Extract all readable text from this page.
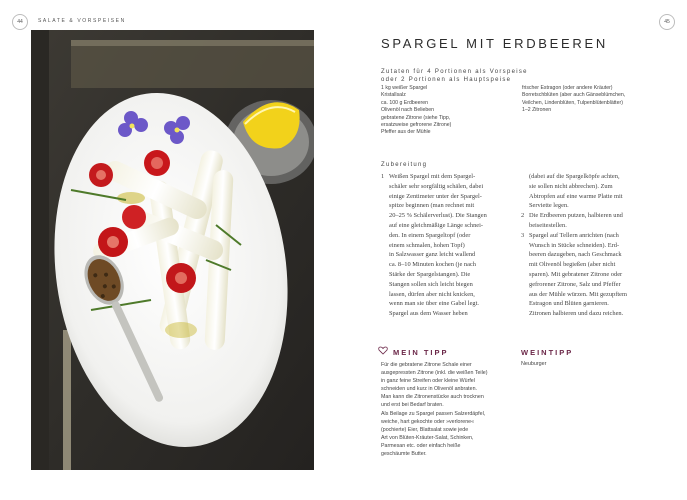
44	SALATE & VORSPEISEN	45
SPARGEL MIT ERDBEEREN
Zutaten für 4 Portionen als Vorspeise
oder 2 Portionen als Hauptspeise
1 kg weißer Spargel
Kristallsalz
ca. 100 g Erdbeeren
Olivenöl nach Belieben
gebratene Zitrone (siehe Tipp,
ersatzweise gefrorene Zitrone)
Pfeffer aus der Mühle
frischer Estragon (oder andere Kräuter)
Borretschblüten (aber auch Gänseblümchen,
Veilchen, Lindenblüten, Tulpenblütenblätter)
1–2 Zitronen
Zubereitung
1 Weißen Spargel mit dem Spargel-
schäler sehr sorgfältig schälen, dabei
einige Zentimeter unter der Spargel-
spitze beginnen (man rechnet mit
20–25 % Schälerverlust). Die Stangen
auf eine gleichmäßige Länge schnei-
den. In einem Spargeltopf (oder
einem schmalen, hohen Topf)
in Salzwasser ganz leicht wallend
ca. 8–10 Minuten kochen (je nach
Stärke der Spargelstangen). Die
Stangen sollen sich leicht biegen
lassen, dürfen aber nicht knicken,
wenn man sie über eine Gabel legt.
Spargel aus dem Wasser heben
(dabei auf die Spargelköpfe achten,
sie sollen nicht abbrechen). Zum
Abtropfen auf eine warme Platte mit
Serviette legen.
2 Die Erdbeeren putzen, halbieren und
beiseitestellen.
3 Spargel auf Tellern anrichten (nach
Wunsch in Stücke schneiden). Erd-
beeren dazugeben, nach Geschmack
mit Olivenöl begießen (aber nicht
sparen). Mit gebratener Zitrone oder
gefrorener Zitrone, Salz und Pfeffer
aus der Mühle würzen. Mit gezupftem
Estragon und Blüten garnieren.
Zitronen halbieren und dazu reichen.
MEIN TIPP
Für die gebratene Zitrone Schale einer
ausgepressten Zitrone (inkl. die weißen Teile)
in ganz feine Streifen oder kleine Würfel
schneiden und kurz in Olivenöl anbraten.
Man kann die Zitronenstücke auch trocknen
und erst bei Bedarf braten.
Als Beilage zu Spargel passen Salzerdäpfel,
weiche, hart gekochte oder »verlorene«
(pochierte) Eier, Blattsalat sowie jede
Art von Blüten-Kräuter-Salat, Schinken,
Parmesan etc. oder einfach heiße
geschäumte Butter.
WEINTIPP
Neuburger
